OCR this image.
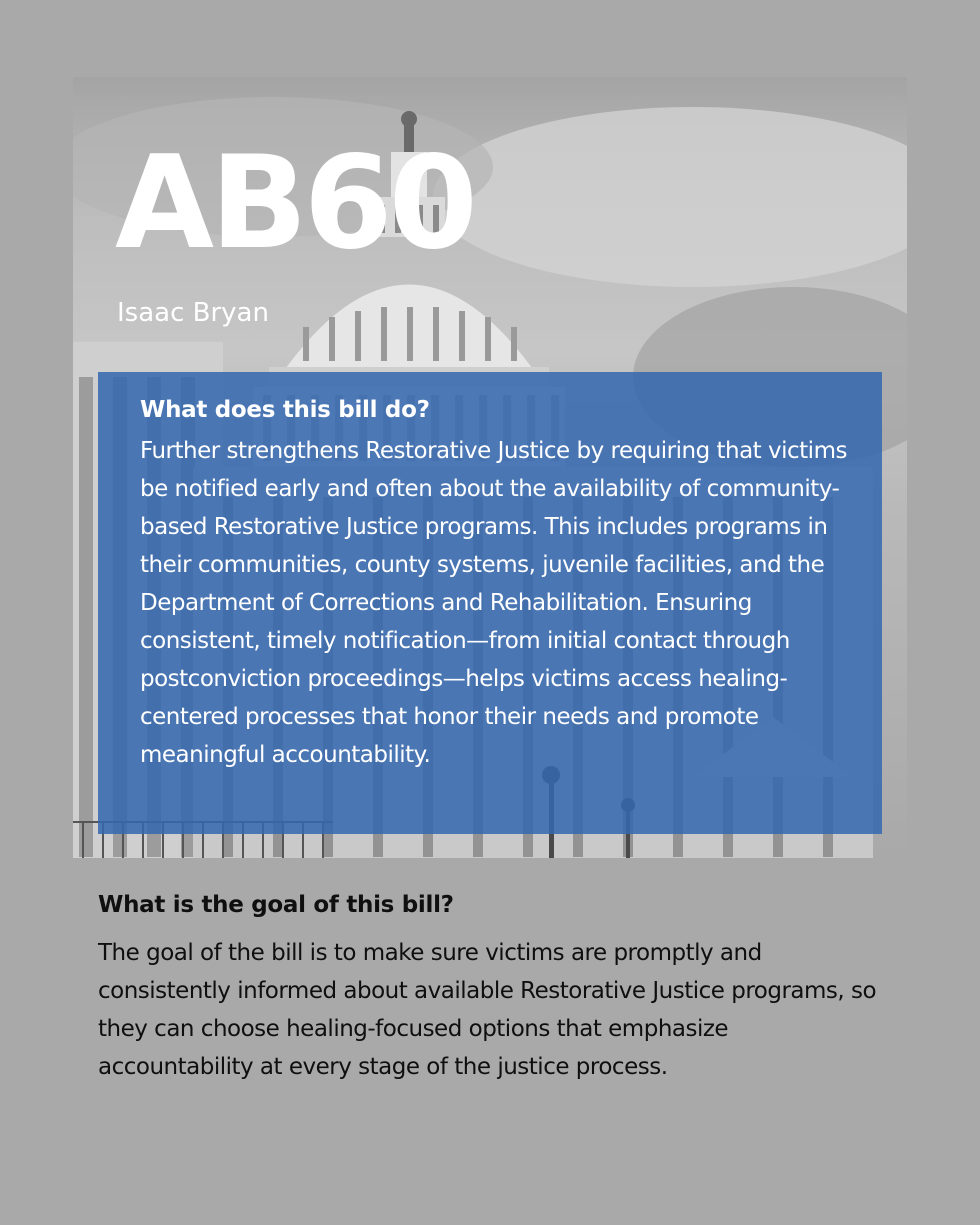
AB60

Isaac Bryan

What does this bill do?

Further strengthens Restorative Justice by requiring that victims be notified early and often about the availability of community-based Restorative Justice programs. This includes programs in their communities, county systems, juvenile facilities, and the Department of Corrections and Rehabilitation. Ensuring consistent, timely notification—from initial contact through postconviction proceedings—helps victims access healing-centered processes that honor their needs and promote meaningful accountability.

What is the goal of this bill?

The goal of the bill is to make sure victims are promptly and consistently informed about available Restorative Justice programs, so they can choose healing-focused options that emphasize accountability at every stage of the justice process.
